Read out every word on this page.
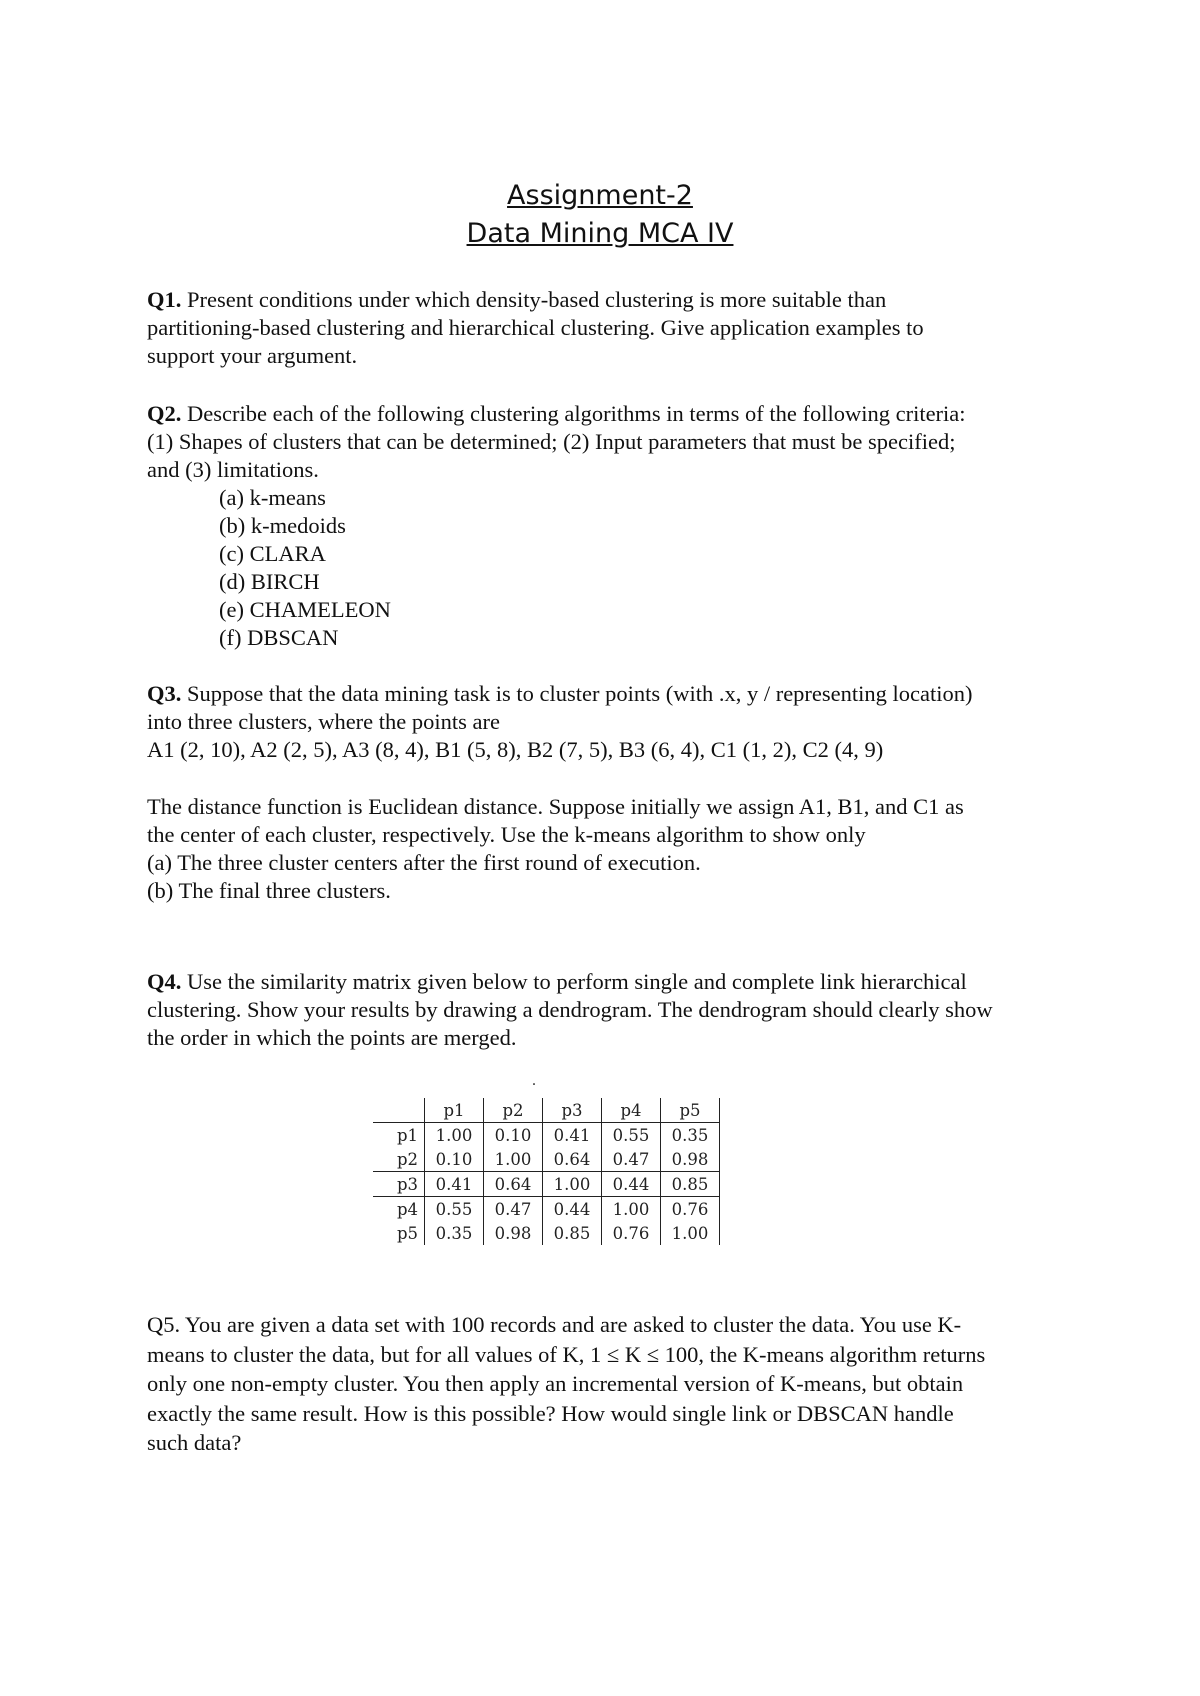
Assignment-2
Data Mining MCA IV
Q1. Present conditions under which density-based clustering is more suitable than
partitioning-based clustering and hierarchical clustering. Give application examples to
support your argument.
Q2. Describe each of the following clustering algorithms in terms of the following criteria:
(1) Shapes of clusters that can be determined; (2) Input parameters that must be specified;
and (3) limitations.
(a) k-means
(b) k-medoids
(c) CLARA
(d) BIRCH
(e) CHAMELEON
(f) DBSCAN
Q3. Suppose that the data mining task is to cluster points (with .x, y / representing location)
into three clusters, where the points are
A1 (2, 10), A2 (2, 5), A3 (8, 4), B1 (5, 8), B2 (7, 5), B3 (6, 4), C1 (1, 2), C2 (4, 9)
The distance function is Euclidean distance. Suppose initially we assign A1, B1, and C1 as
the center of each cluster, respectively. Use the k-means algorithm to show only
(a) The three cluster centers after the first round of execution.
(b) The final three clusters.
Q4. Use the similarity matrix given below to perform single and complete link hierarchical
clustering. Show your results by drawing a dendrogram. The dendrogram should clearly show
the order in which the points are merged.
.
	p1	p2	p3	p4	p5
p1	1.00	0.10	0.41	0.55	0.35
p2	0.10	1.00	0.64	0.47	0.98
p3	0.41	0.64	1.00	0.44	0.85
p4	0.55	0.47	0.44	1.00	0.76
p5	0.35	0.98	0.85	0.76	1.00
Q5. You are given a data set with 100 records and are asked to cluster the data. You use K-
means to cluster the data, but for all values of K, 1 ≤ K ≤ 100, the K-means algorithm returns
only one non-empty cluster. You then apply an incremental version of K-means, but obtain
exactly the same result. How is this possible? How would single link or DBSCAN handle
such data?
